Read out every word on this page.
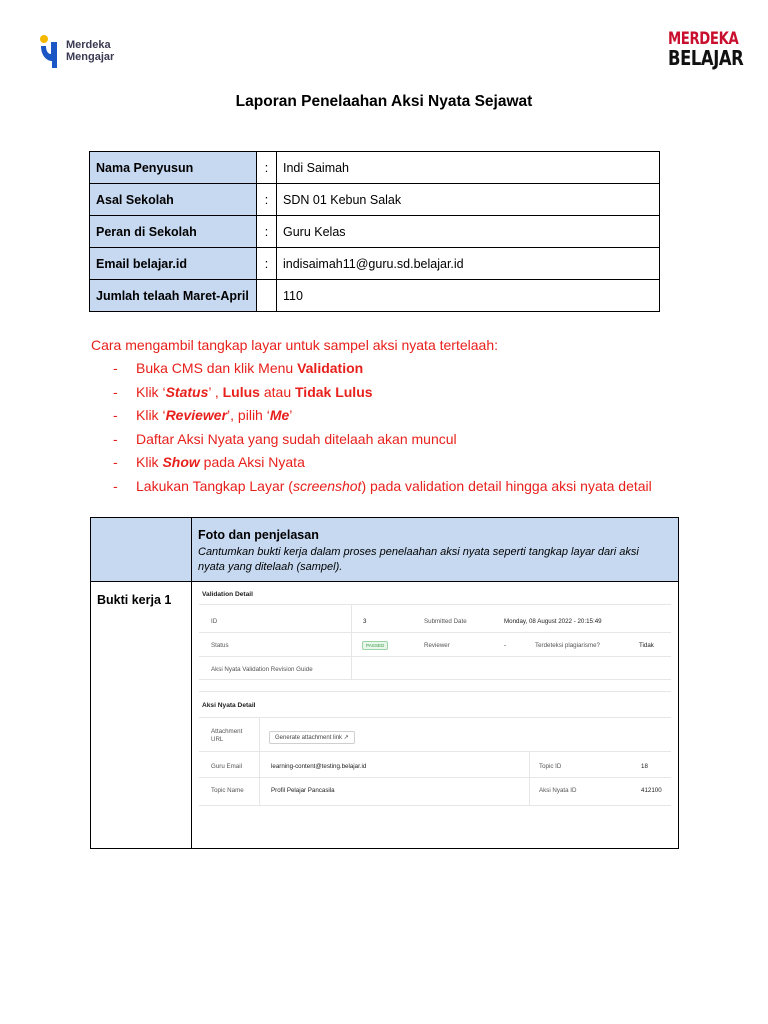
Merdeka
Mengajar
MERDEKA
BELAJAR
Laporan Penelaahan Aksi Nyata Sejawat
Nama Penyusun	:	Indi Saimah
Asal Sekolah	:	SDN 01 Kebun Salak
Peran di Sekolah	:	Guru Kelas
Email belajar.id	:	indisaimah11@guru.sd.belajar.id
Jumlah telaah Maret-April		110
Cara mengambil tangkap layar untuk sampel aksi nyata tertelaah:
- Buka CMS dan klik Menu Validation
- Klik ‘Status’ , Lulus atau Tidak Lulus
- Klik ‘Reviewer’, pilih ‘Me’
- Daftar Aksi Nyata yang sudah ditelaah akan muncul
- Klik Show pada Aksi Nyata
- Lakukan Tangkap Layar (screenshot) pada validation detail hingga aksi nyata detail
Foto dan penjelasan
Cantumkan bukti kerja dalam proses penelaahan aksi nyata seperti tangkap layar dari aksi nyata yang ditelaah (sampel).
Bukti kerja 1	Validation Detail
ID	3	Submitted Date	Monday, 08 August 2022 - 20:15:49
Status	PASSED	Reviewer	-	Terdeteksi plagiarisme?	Tidak
Aksi Nyata Validation Revision Guide
Aksi Nyata Detail
Attachment
URL	Generate attachment link ↗
Guru Email	learning-content@testing.belajar.id	Topic ID	18
Topic Name	Profil Pelajar Pancasila	Aksi Nyata ID	412100
